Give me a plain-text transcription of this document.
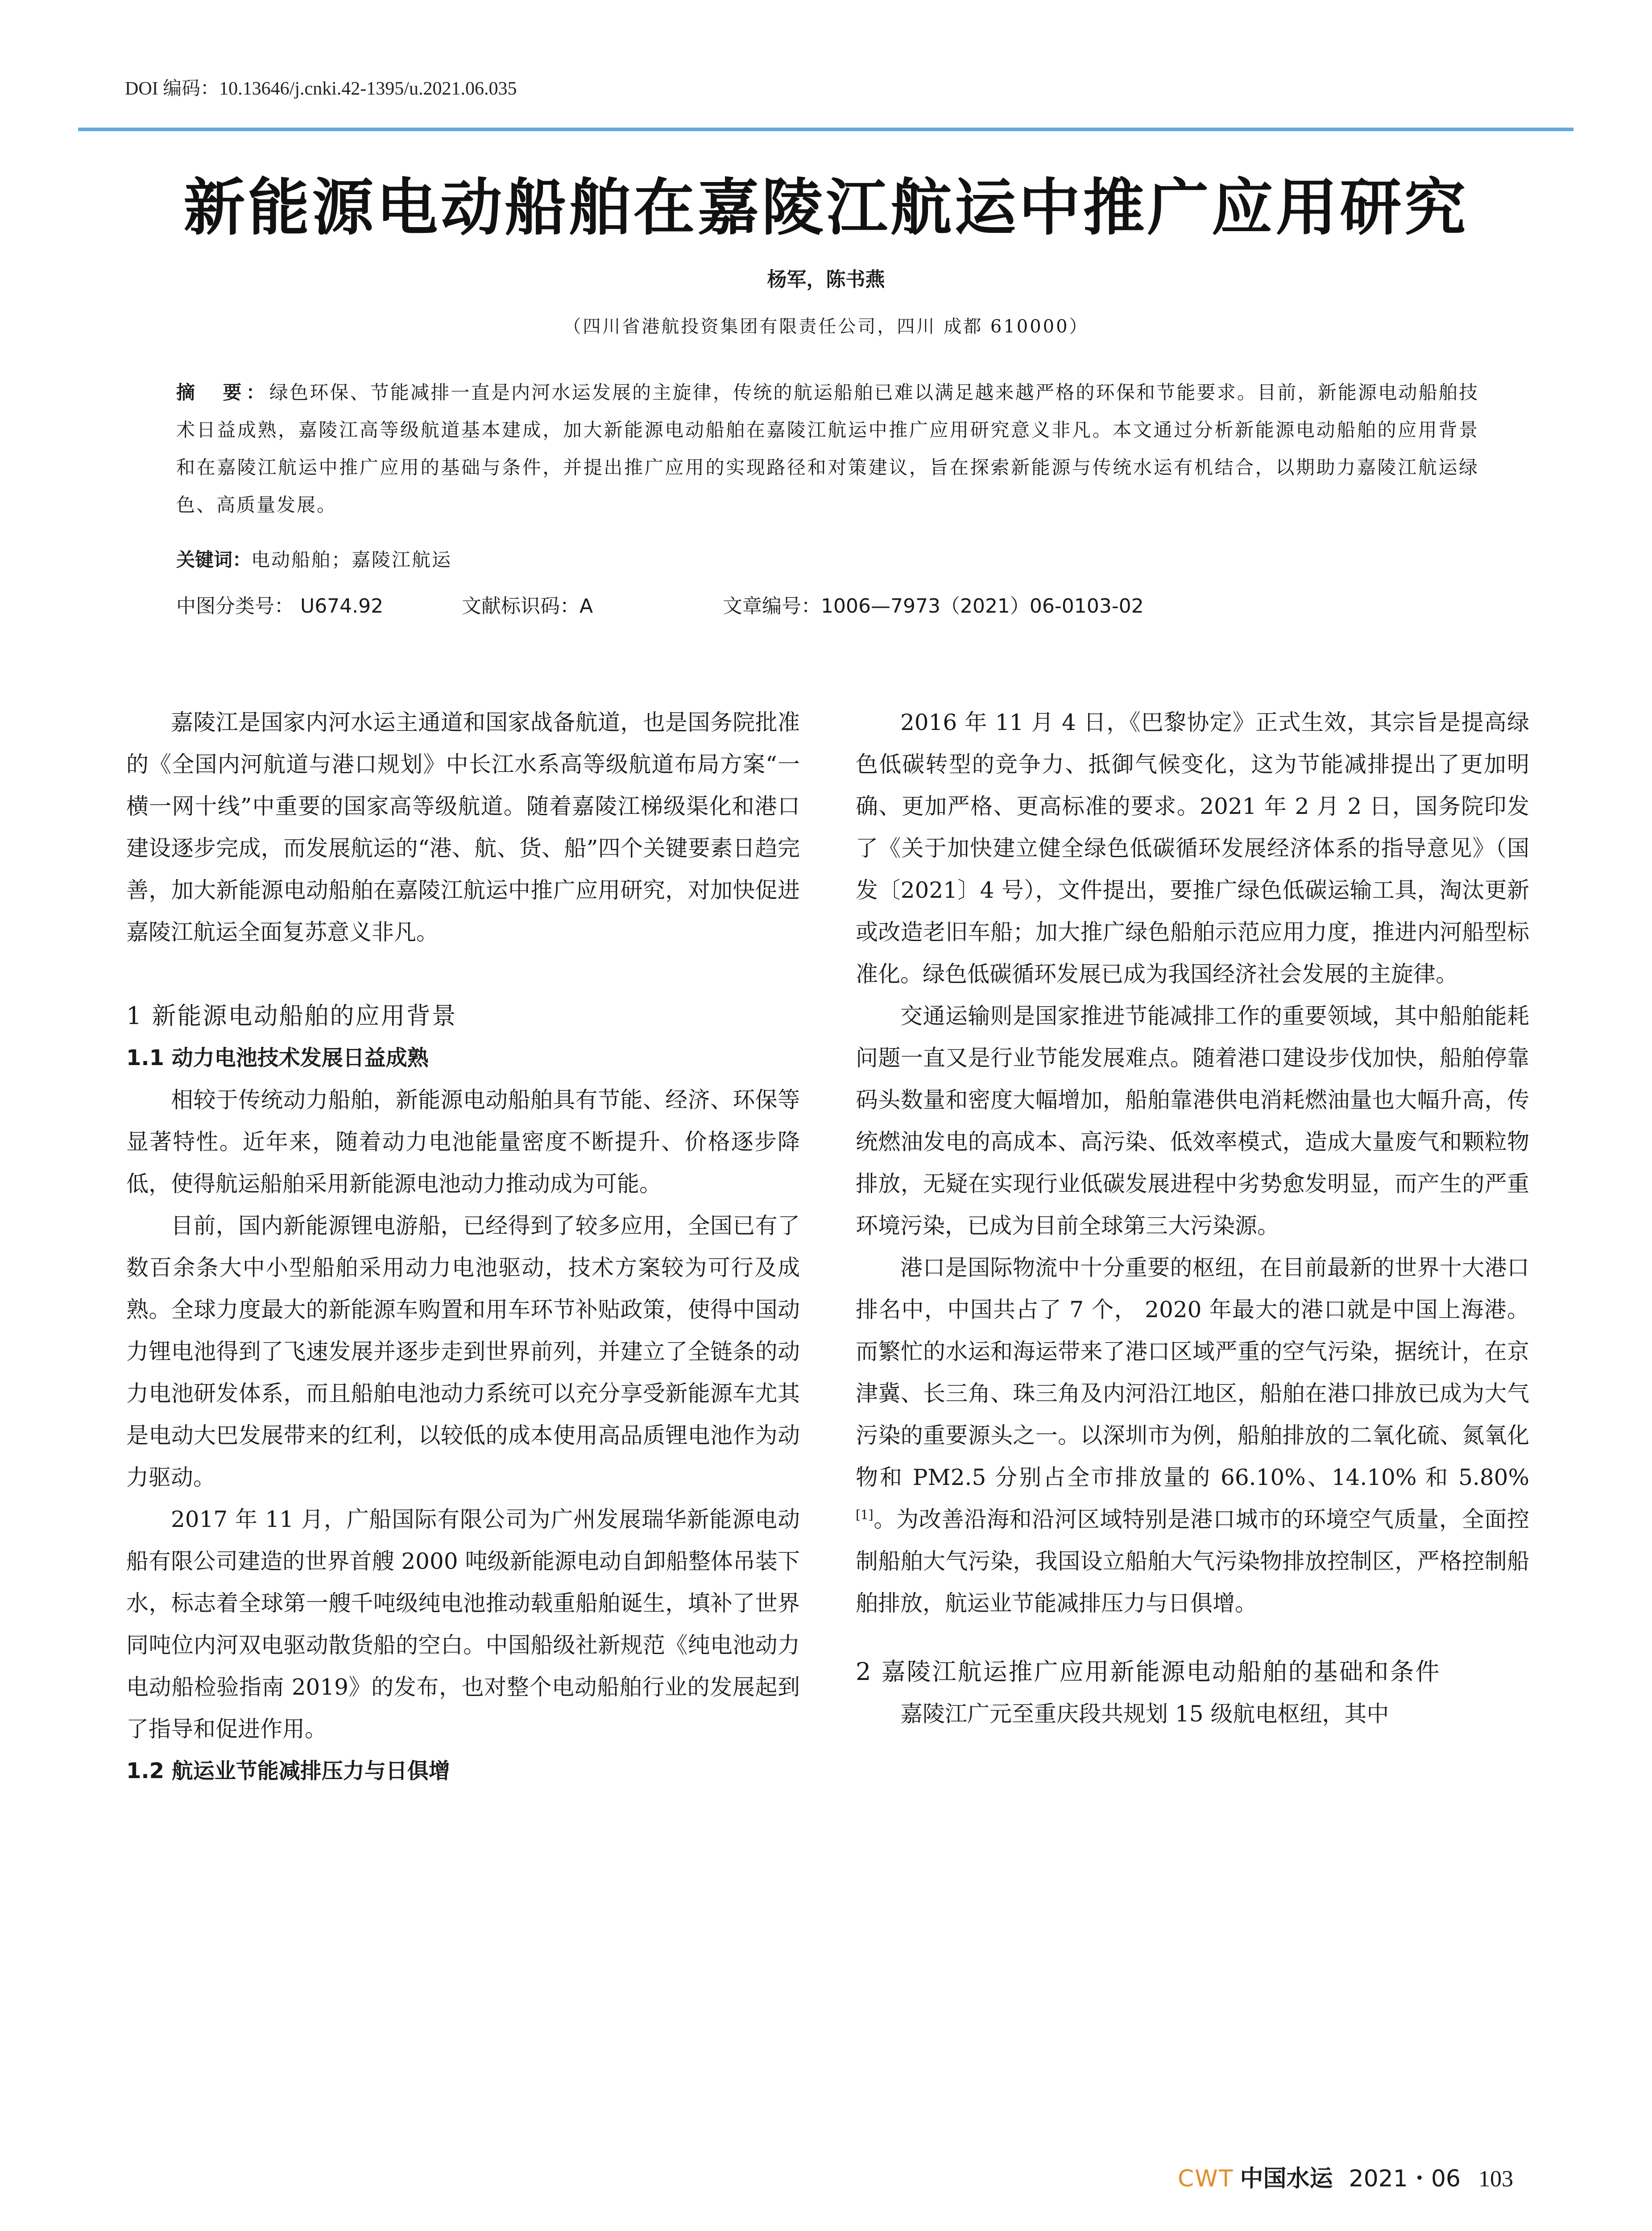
DOI 编码：10.13646/j.cnki.42-1395/u.2021.06.035
新能源电动船舶在嘉陵江航运中推广应用研究
杨军，陈书燕
（四川省港航投资集团有限责任公司，四川 成都 610000）
摘　要：绿色环保、节能减排一直是内河水运发展的主旋律，传统的航运船舶已难以满足越来越严格的环保和节能要求。目前，新能源电动船舶技术日益成熟，嘉陵江高等级航道基本建成，加大新能源电动船舶在嘉陵江航运中推广应用研究意义非凡。本文通过分析新能源电动船舶的应用背景和在嘉陵江航运中推广应用的基础与条件，并提出推广应用的实现路径和对策建议，旨在探索新能源与传统水运有机结合，以期助力嘉陵江航运绿色、高质量发展。
关键词：电动船舶；嘉陵江航运
中图分类号： U674.92	文献标识码：A	文章编号：1006—7973（2021）06-0103-02

嘉陵江是国家内河水运主通道和国家战备航道，也是国务院批准的《全国内河航道与港口规划》中长江水系高等级航道布局方案“一横一网十线”中重要的国家高等级航道。随着嘉陵江梯级渠化和港口建设逐步完成，而发展航运的“港、航、货、船”四个关键要素日趋完善，加大新能源电动船舶在嘉陵江航运中推广应用研究，对加快促进嘉陵江航运全面复苏意义非凡。

1 新能源电动船舶的应用背景
1.1 动力电池技术发展日益成熟

相较于传统动力船舶，新能源电动船舶具有节能、经济、环保等显著特性。近年来，随着动力电池能量密度不断提升、价格逐步降低，使得航运船舶采用新能源电池动力推动成为可能。

目前，国内新能源锂电游船，已经得到了较多应用，全国已有了数百余条大中小型船舶采用动力电池驱动，技术方案较为可行及成熟。全球力度最大的新能源车购置和用车环节补贴政策，使得中国动力锂电池得到了飞速发展并逐步走到世界前列，并建立了全链条的动力电池研发体系，而且船舶电池动力系统可以充分享受新能源车尤其是电动大巴发展带来的红利，以较低的成本使用高品质锂电池作为动力驱动。

2017 年 11 月，广船国际有限公司为广州发展瑞华新能源电动船有限公司建造的世界首艘 2000 吨级新能源电动自卸船整体吊装下水，标志着全球第一艘千吨级纯电池推动载重船舶诞生，填补了世界同吨位内河双电驱动散货船的空白。中国船级社新规范《纯电池动力电动船检验指南 2019》的发布，也对整个电动船舶行业的发展起到了指导和促进作用。

1.2 航运业节能减排压力与日俱增

2016 年 11 月 4 日，《巴黎协定》正式生效，其宗旨是提高绿色低碳转型的竞争力、抵御气候变化，这为节能减排提出了更加明确、更加严格、更高标准的要求。2021 年 2 月 2 日，国务院印发了《关于加快建立健全绿色低碳循环发展经济体系的指导意见》（国发〔2021〕4 号），文件提出，要推广绿色低碳运输工具，淘汰更新或改造老旧车船；加大推广绿色船舶示范应用力度，推进内河船型标准化。绿色低碳循环发展已成为我国经济社会发展的主旋律。

交通运输则是国家推进节能减排工作的重要领域，其中船舶能耗问题一直又是行业节能发展难点。随着港口建设步伐加快，船舶停靠码头数量和密度大幅增加，船舶靠港供电消耗燃油量也大幅升高，传统燃油发电的高成本、高污染、低效率模式，造成大量废气和颗粒物排放，无疑在实现行业低碳发展进程中劣势愈发明显，而产生的严重环境污染，已成为目前全球第三大污染源。

港口是国际物流中十分重要的枢纽，在目前最新的世界十大港口排名中，中国共占了 7 个， 2020 年最大的港口就是中国上海港。而繁忙的水运和海运带来了港口区域严重的空气污染，据统计，在京津冀、长三角、珠三角及内河沿江地区，船舶在港口排放已成为大气污染的重要源头之一。以深圳市为例，船舶排放的二氧化硫、氮氧化物和 PM2.5 分别占全市排放量的 66.10%、14.10% 和 5.80%[1]。为改善沿海和沿河区域特别是港口城市的环境空气质量，全面控制船舶大气污染，我国设立船舶大气污染物排放控制区，严格控制船舶排放，航运业节能减排压力与日俱增。

2 嘉陵江航运推广应用新能源电动船舶的基础和条件

嘉陵江广元至重庆段共规划 15 级航电枢纽，其中

CWT 中国水运 2021・06 103
